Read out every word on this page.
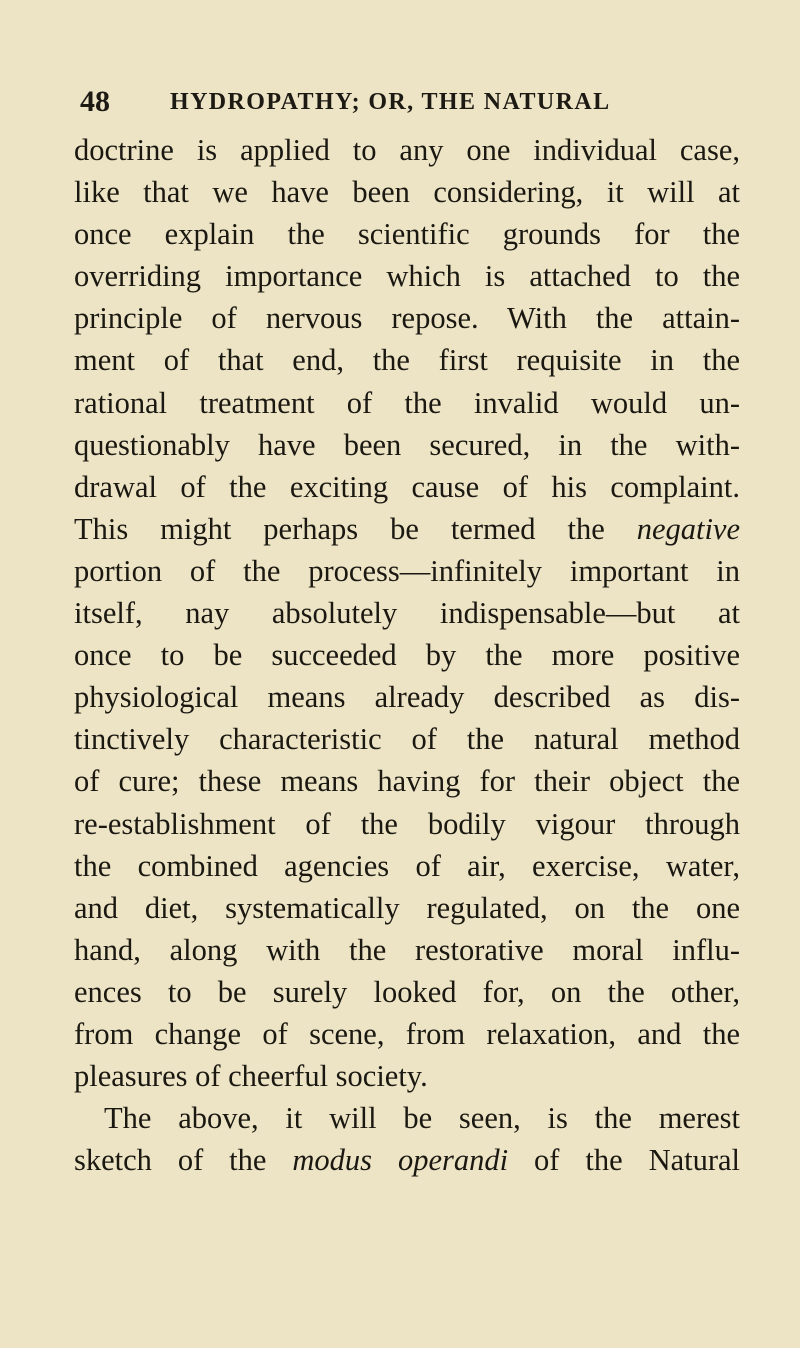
48	HYDROPATHY; OR, THE NATURAL
doctrine is applied to any one individual case,
like that we have been considering, it will at
once explain the scientific grounds for the
overriding importance which is attached to the
principle of nervous repose. With the attain-
ment of that end, the first requisite in the
rational treatment of the invalid would un-
questionably have been secured, in the with-
drawal of the exciting cause of his complaint.
This might perhaps be termed the negative
portion of the process—infinitely important in
itself, nay absolutely indispensable—but at
once to be succeeded by the more positive
physiological means already described as dis-
tinctively characteristic of the natural method
of cure; these means having for their object the
re-establishment of the bodily vigour through
the combined agencies of air, exercise, water,
and diet, systematically regulated, on the one
hand, along with the restorative moral influ-
ences to be surely looked for, on the other,
from change of scene, from relaxation, and the
pleasures of cheerful society.
The above, it will be seen, is the merest
sketch of the modus operandi of the Natural
